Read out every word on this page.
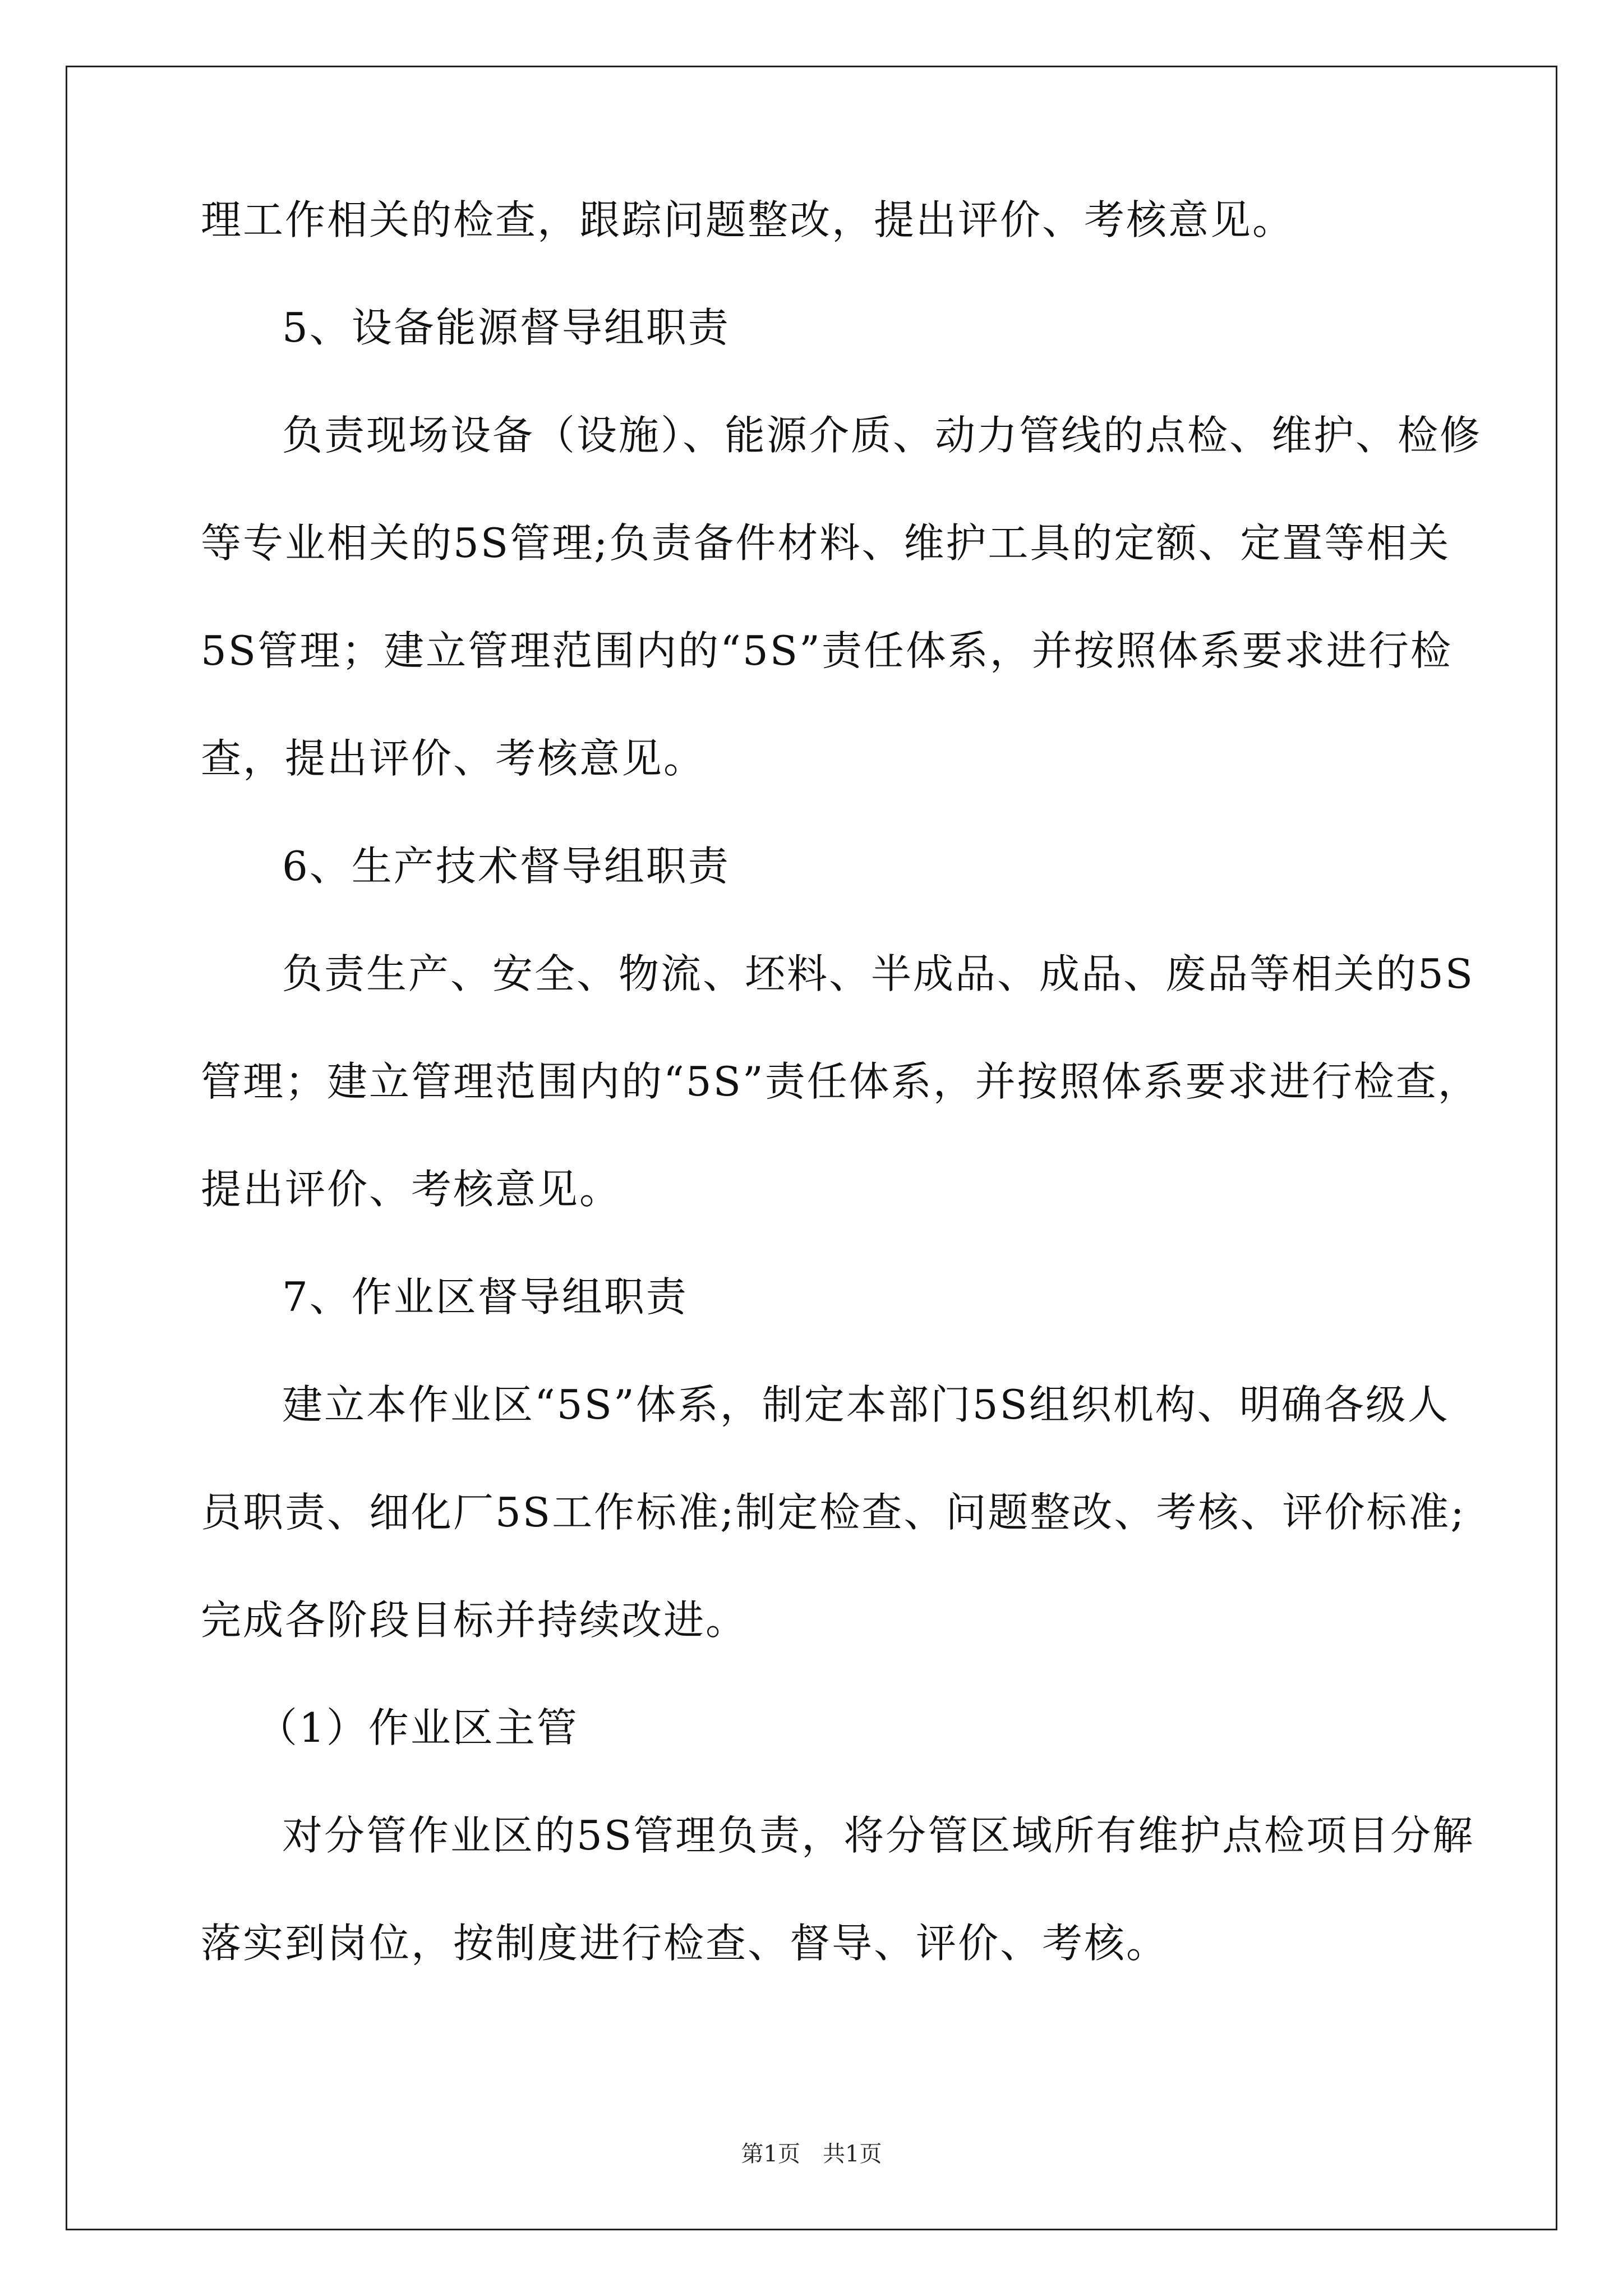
理工作相关的检查，跟踪问题整改，提出评价、考核意见。
5、设备能源督导组职责
负责现场设备（设施）、能源介质、动力管线的点检、维护、检修
等专业相关的5S管理;负责备件材料、维护工具的定额、定置等相关
5S管理；建立管理范围内的“5S”责任体系，并按照体系要求进行检
查，提出评价、考核意见。
6、生产技术督导组职责
负责生产、安全、物流、坯料、半成品、成品、废品等相关的5S
管理；建立管理范围内的“5S”责任体系，并按照体系要求进行检查，
提出评价、考核意见。
7、作业区督导组职责
建立本作业区“5S”体系，制定本部门5S组织机构、明确各级人
员职责、细化厂5S工作标准;制定检查、问题整改、考核、评价标准;
完成各阶段目标并持续改进。
（1）作业区主管
对分管作业区的5S管理负责，将分管区域所有维护点检项目分解
落实到岗位，按制度进行检查、督导、评价、考核。
第1页　共1页
